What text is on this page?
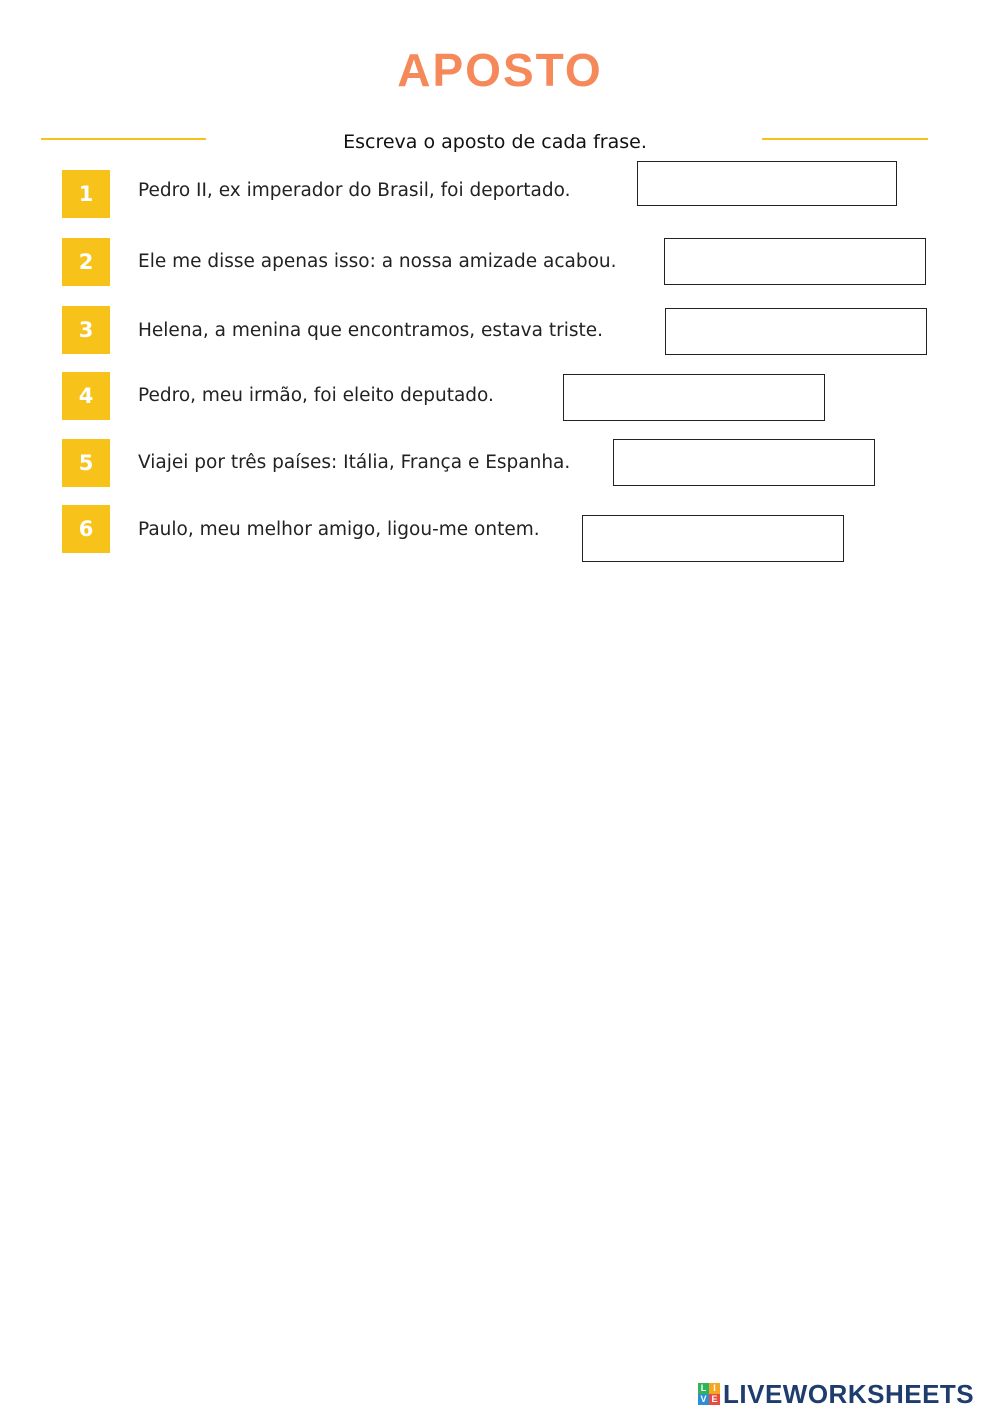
APOSTO
Escreva o aposto de cada frase.
1	Pedro II, ex imperador do Brasil, foi deportado.
2	Ele me disse apenas isso: a nossa amizade acabou.
3	Helena, a menina que encontramos, estava triste.
4	Pedro, meu irmão, foi eleito deputado.
5	Viajei por três países: Itália, França e Espanha.
6	Paulo, meu melhor amigo, ligou-me ontem.
L I
V E LIVEWORKSHEETS
